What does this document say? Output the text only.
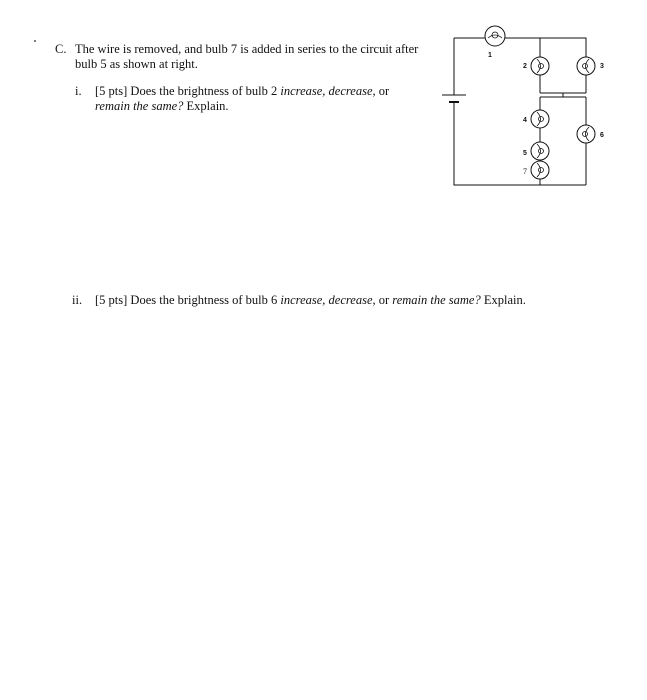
C. The wire is removed, and bulb 7 is added in series to the circuit after bulb 5 as shown at right.
i. [5 pts] Does the brightness of bulb 2 increase, decrease, or
remain the same? Explain.
ii. [5 pts] Does the brightness of bulb 6 increase, decrease, or remain the same? Explain.
1
2	3
4
5
6
7
